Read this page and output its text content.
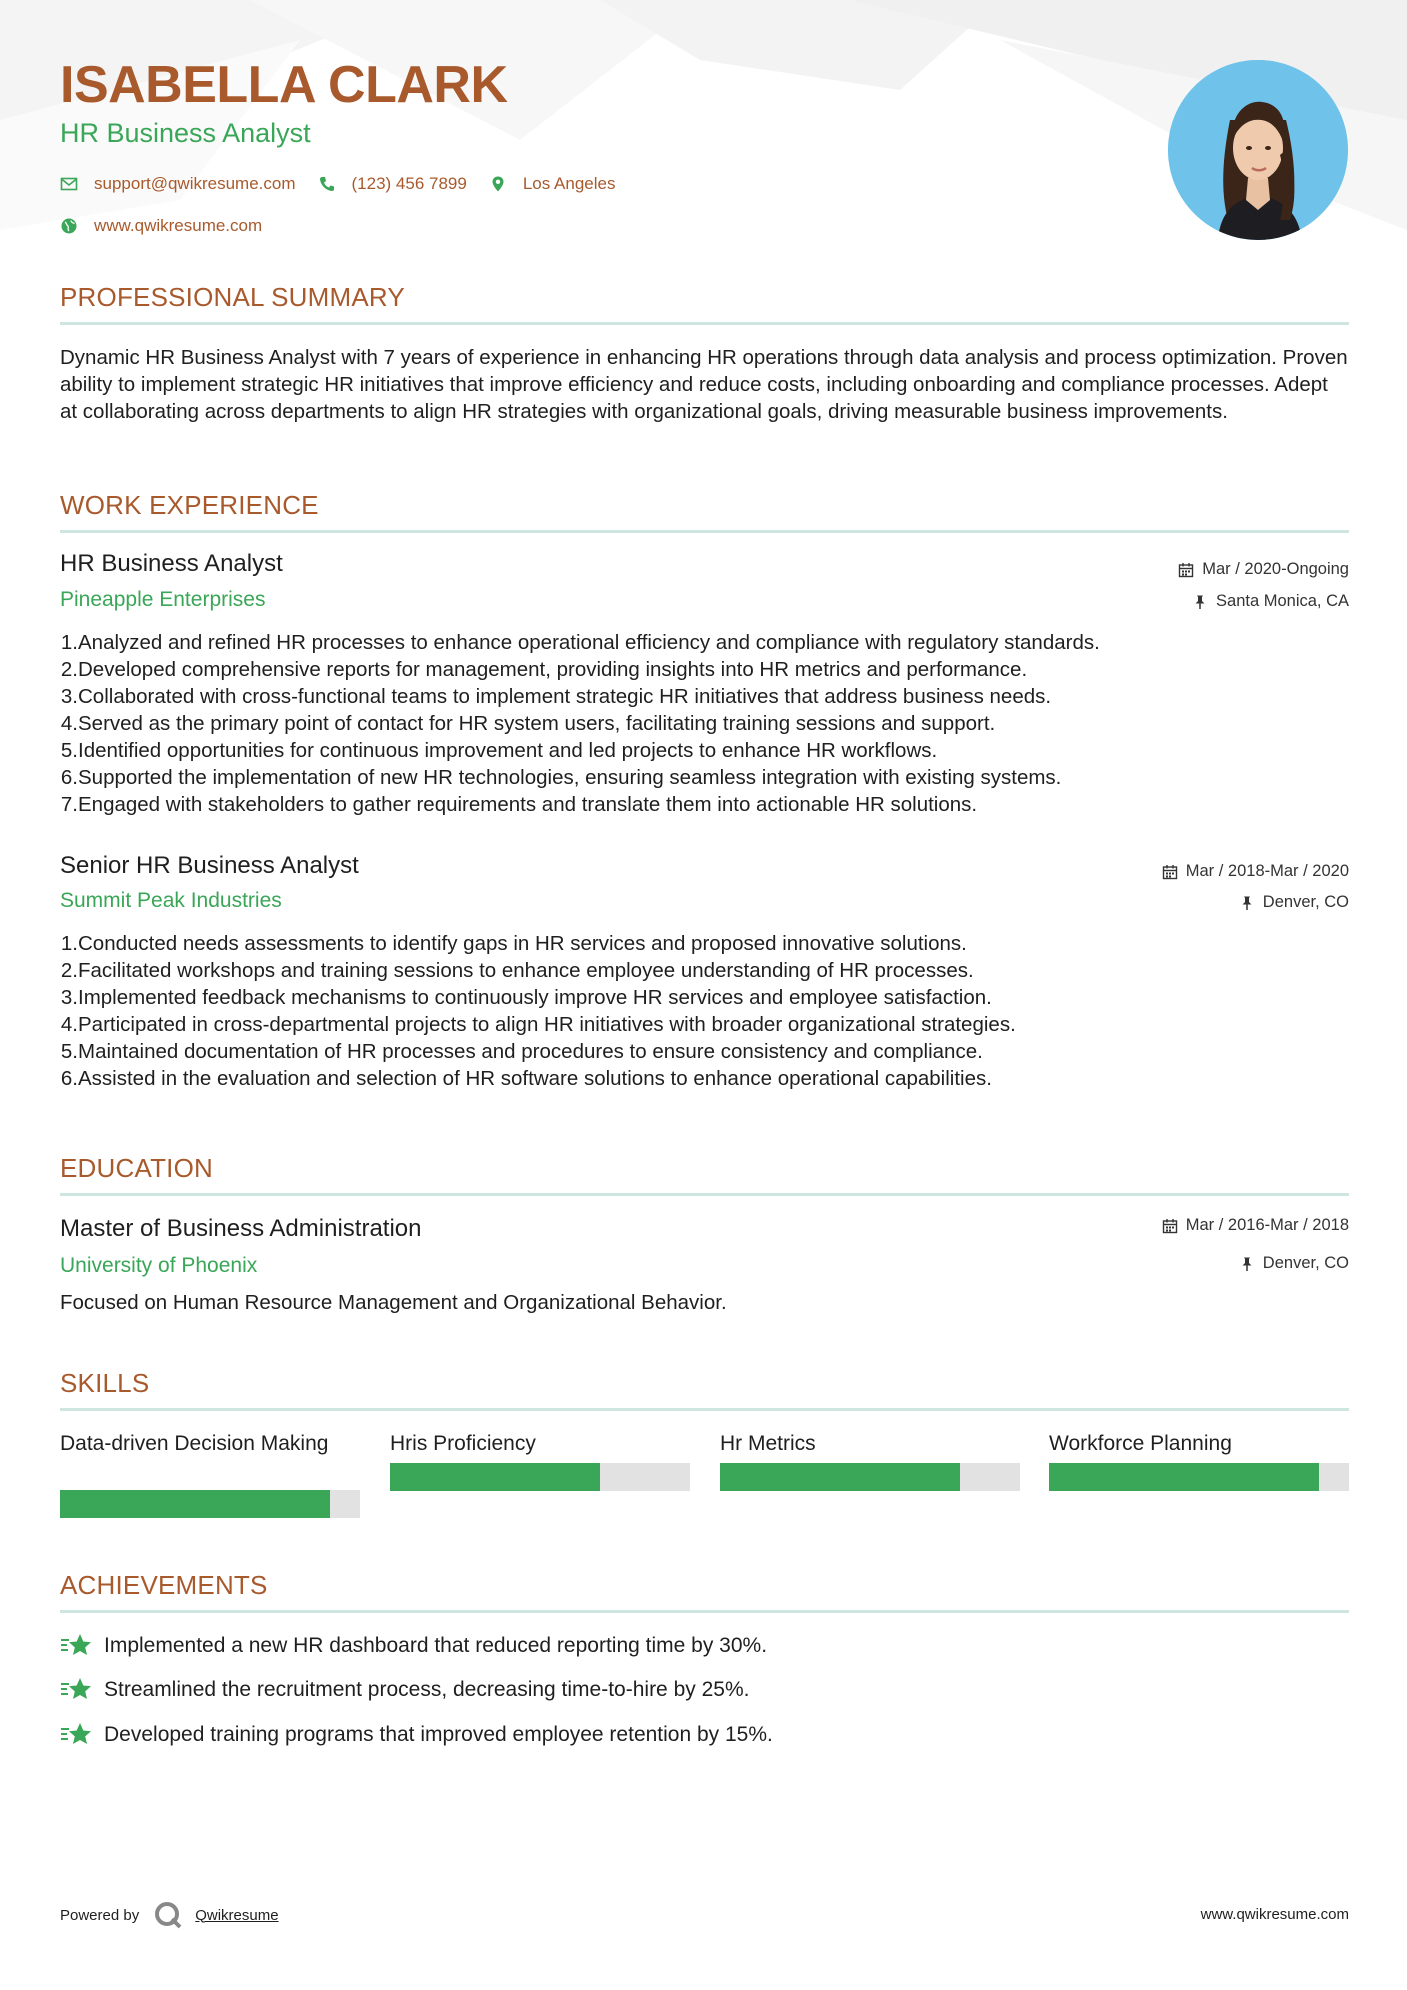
ISABELLA CLARK
HR Business Analyst
support@qwikresume.com	(123) 456 7899	Los Angeles
www.qwikresume.com
PROFESSIONAL SUMMARY

Dynamic HR Business Analyst with 7 years of experience in enhancing HR operations through data analysis and process optimization. Proven ability to implement strategic HR initiatives that improve efficiency and reduce costs, including onboarding and compliance processes. Adept at collaborating across departments to align HR strategies with organizational goals, driving measurable business improvements.

WORK EXPERIENCE
HR Business Analyst	Mar / 2020-Ongoing
Pineapple Enterprises	Santa Monica, CA
1. Analyzed and refined HR processes to enhance operational efficiency and compliance with regulatory standards.
2. Developed comprehensive reports for management, providing insights into HR metrics and performance.
3. Collaborated with cross-functional teams to implement strategic HR initiatives that address business needs.
4. Served as the primary point of contact for HR system users, facilitating training sessions and support.
5. Identified opportunities for continuous improvement and led projects to enhance HR workflows.
6. Supported the implementation of new HR technologies, ensuring seamless integration with existing systems.
7. Engaged with stakeholders to gather requirements and translate them into actionable HR solutions.
Senior HR Business Analyst	Mar / 2018-Mar / 2020
Summit Peak Industries	Denver, CO
1. Conducted needs assessments to identify gaps in HR services and proposed innovative solutions.
2. Facilitated workshops and training sessions to enhance employee understanding of HR processes.
3. Implemented feedback mechanisms to continuously improve HR services and employee satisfaction.
4. Participated in cross-departmental projects to align HR initiatives with broader organizational strategies.
5. Maintained documentation of HR processes and procedures to ensure consistency and compliance.
6. Assisted in the evaluation and selection of HR software solutions to enhance operational capabilities.
EDUCATION
Master of Business Administration	Mar / 2016-Mar / 2018
University of Phoenix	Denver, CO
Focused on Human Resource Management and Organizational Behavior.
SKILLS
Data-driven Decision Making	Hris Proficiency	Hr Metrics	Workforce Planning
ACHIEVEMENTS
Implemented a new HR dashboard that reduced reporting time by 30%.
Streamlined the recruitment process, decreasing time-to-hire by 25%.
Developed training programs that improved employee retention by 15%.
Powered by	Qwikresume	www.qwikresume.com
